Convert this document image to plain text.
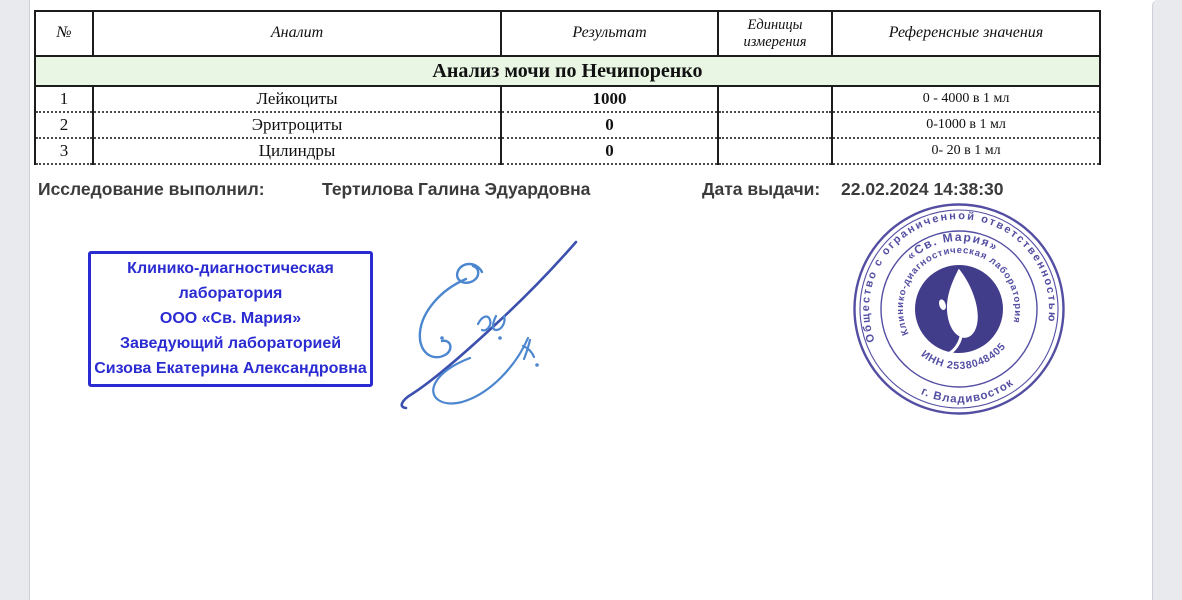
Анализ мочи по Нечипоренко				
№	Аналит	Результат	Единицы измерения	Референсные значения
1	Лейкоциты	1000		0 - 4000 в 1 мл
2	Эритроциты	0		0-1000 в 1 мл
3	Цилиндры	0		0- 20 в 1 мл
Исследование выполнил:	Тертилова Галина Эдуардовна	Дата выдачи: 22.02.2024 14:38:30
Клинико-диагностическая
лаборатория
ООО «Св. Мария»
Заведующий лабораторией
Сизова Екатерина Александровна
Общество с ограниченной ответственностью
г. Владивосток
«Св. Мария»
Клинико-диагностическая лаборатория
ИНН 2538048405
